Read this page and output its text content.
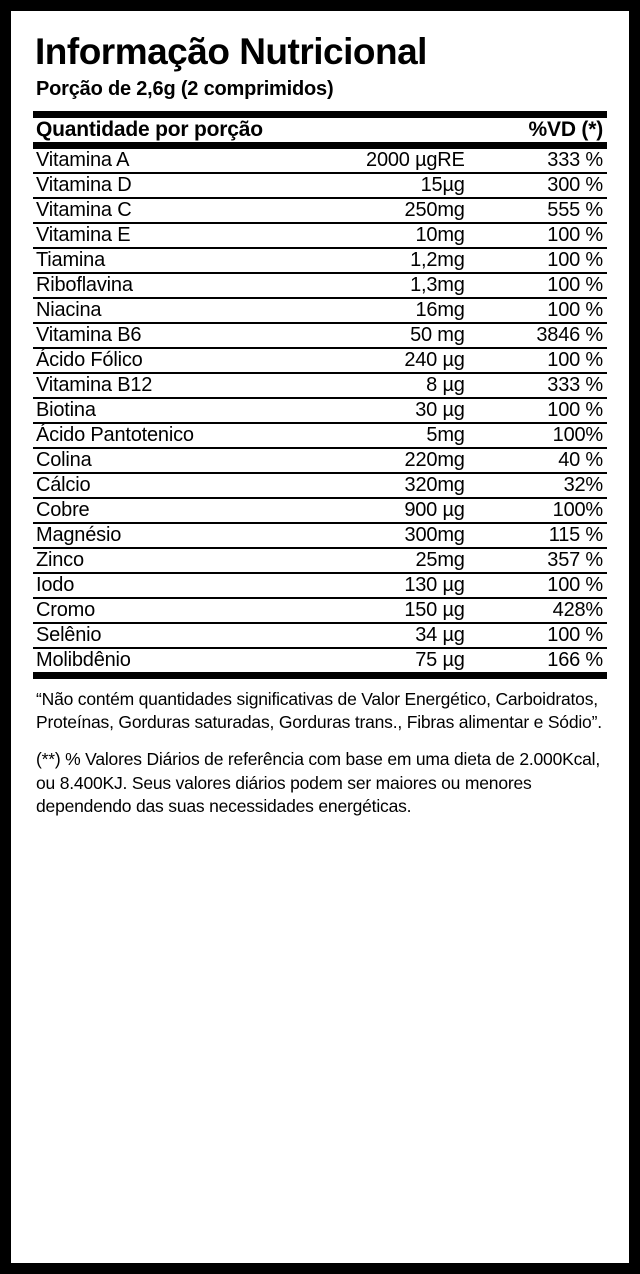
Informação Nutricional
Porção de 2,6g (2 comprimidos)
Quantidade por porção	%VD (*)
Vitamina A	2000 µgRE	333 %
Vitamina D	15µg	300 %
Vitamina C	250mg	555 %
Vitamina E	10mg	100 %
Tiamina	1,2mg	100 %
Riboflavina	1,3mg	100 %
Niacina	16mg	100 %
Vitamina B6	50 mg	3846 %
Ácido Fólico	240 µg	100 %
Vitamina B12	8 µg	333 %
Biotina	30 µg	100 %
Ácido Pantotenico	5mg	100%
Colina	220mg	40 %
Cálcio	320mg	32%
Cobre	900 µg	100%
Magnésio	300mg	115 %
Zinco	25mg	357 %
Iodo	130 µg	100 %
Cromo	150 µg	428%
Selênio	34 µg	100 %
Molibdênio	75 µg	166 %

“Não contém quantidades significativas de Valor Energético, Carboidratos, Proteínas, Gorduras saturadas, Gorduras trans., Fibras alimentar e Sódio”.

(**) % Valores Diários de referência com base em uma dieta de 2.000Kcal, ou 8.400KJ. Seus valores diários podem ser maiores ou menores dependendo das suas necessidades energéticas.
